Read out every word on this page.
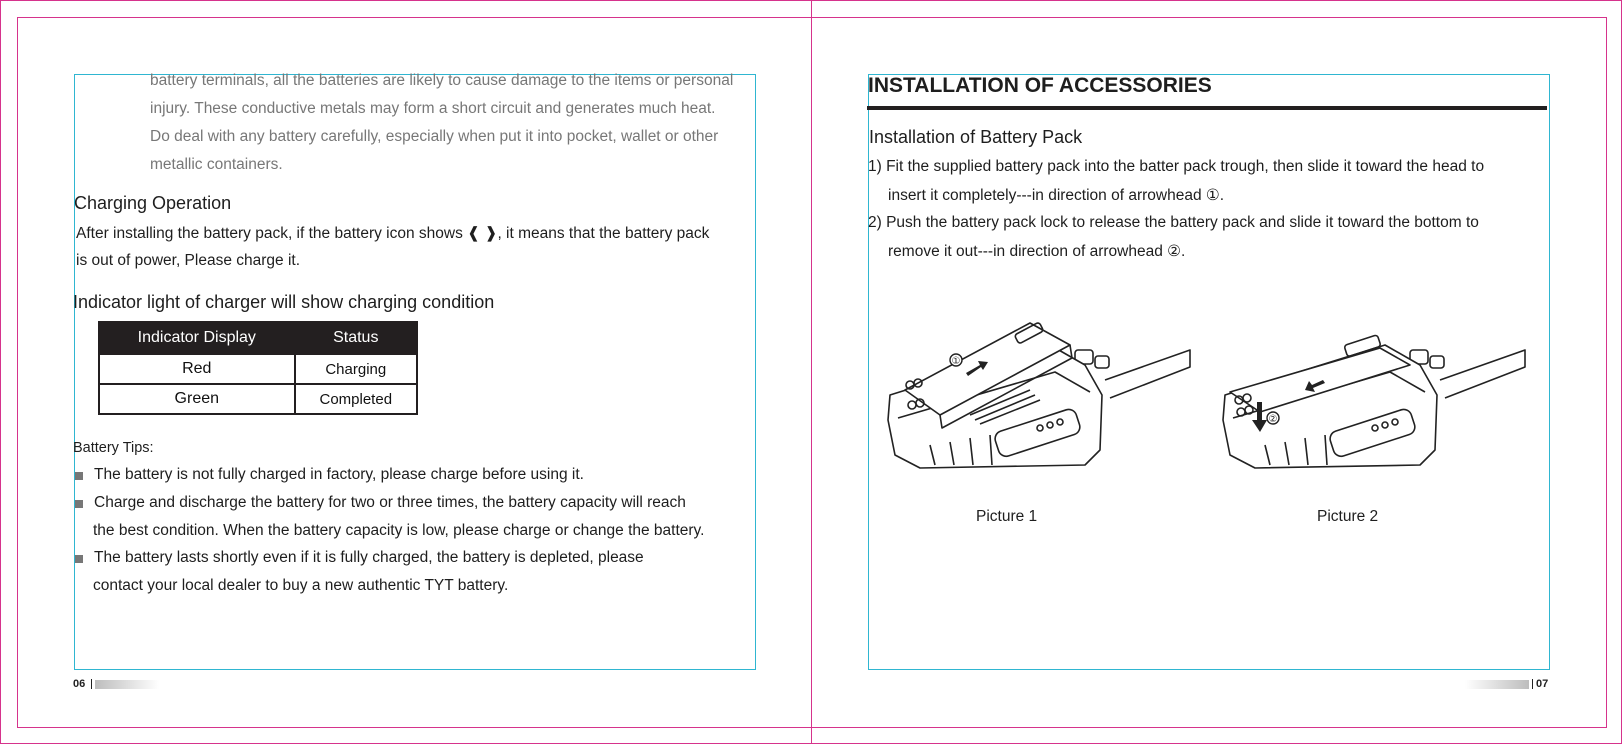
battery terminals, all the batteries are likely to cause damage to the items or personal
injury. These conductive metals may form a short circuit and generates much heat.
Do deal with any battery carefully, especially when put it into pocket, wallet or other
metallic containers.
Charging Operation
After installing the battery pack, if the battery icon shows ❰ ❱, it means that the battery pack
is out of power, Please charge it.
Indicator light of charger will show charging condition
Indicator Display	Status
Red	Charging
Green	Completed
Battery Tips:
The battery is not fully charged in factory, please charge before using it.
Charge and discharge the battery for two or three times, the battery capacity will reach
the best condition. When the battery capacity is low, please charge or change the battery.
The battery lasts shortly even if it is fully charged, the battery is depleted, please
contact your local dealer to buy a new authentic TYT battery.
06
INSTALLATION OF ACCESSORIES
Installation of Battery Pack
1) Fit the supplied battery pack into the batter pack trough, then slide it toward the head to
insert it completely---in direction of arrowhead ①.
2) Push the battery pack lock to release the battery pack and slide it toward the bottom to
remove it out---in direction of arrowhead ②.
①
②
Picture 1	Picture 2
07
